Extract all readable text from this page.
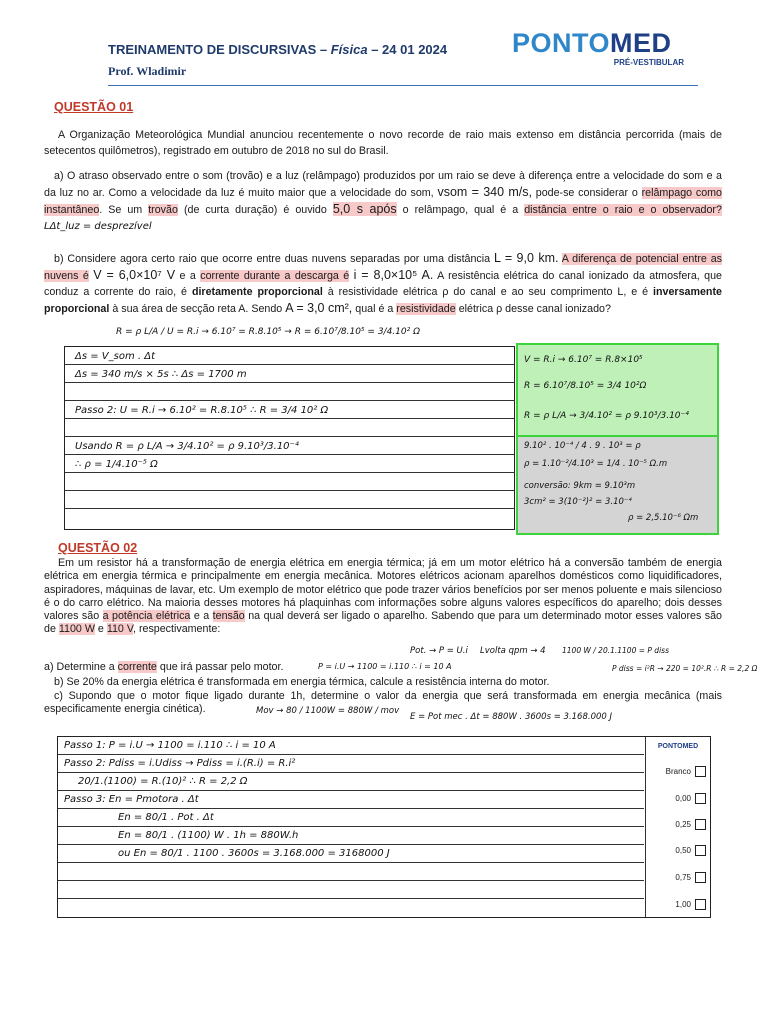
TREINAMENTO DE DISCURSIVAS – Física – 24 01 2024
Prof. Wladimir
PONTOMED
PRÉ-VESTIBULAR
QUESTÃO 01
A Organização Meteorológica Mundial anunciou recentemente o novo recorde de raio mais extenso em distância percorrida (mais de setecentos quilômetros), registrado em outubro de 2018 no sul do Brasil.
a) O atraso observado entre o som (trovão) e a luz (relâmpago) produzidos por um raio se deve à diferença entre a velocidade do som e a da luz no ar. Como a velocidade da luz é muito maior que a velocidade do som, vsom = 340 m/s, pode-se considerar o relâmpago como instantâneo. Se um trovão (de curta duração) é ouvido 5,0 s após o relâmpago, qual é a distância entre o raio e o observador? LΔt_luz = desprezível
b) Considere agora certo raio que ocorre entre duas nuvens separadas por uma distância L = 9,0 km. A diferença de potencial entre as nuvens é V = 6,0×10⁷ V e a corrente durante a descarga é i = 8,0×10⁵ A. A resistência elétrica do canal ionizado da atmosfera, que conduz a corrente do raio, é diretamente proporcional à resistividade elétrica ρ do canal e ao seu comprimento L, e é inversamente proporcional à sua área de secção reta A. Sendo A = 3,0 cm², qual é a resistividade elétrica ρ desse canal ionizado?
R = ρ L/A / U = R.i → 6.10⁷ = R.8.10⁵ → R = 6.10⁷/8.10⁵ = 3/4.10² Ω
Δs = V_som . Δt
Δs = 340 m/s × 5s ∴ Δs = 1700 m
Passo 2: U = R.i → 6.10² = R.8.10⁵ ∴ R = 3/4 10² Ω
Usando R = ρ L/A → 3/4.10² = ρ 9.10³/3.10⁻⁴
∴ ρ = 1/4.10⁻⁵ Ω
V = R.i → 6.10⁷ = R.8×10⁵
R = 6.10⁷/8.10⁵ = 3/4 10²Ω
R = ρ L/A → 3/4.10² = ρ 9.10³/3.10⁻⁴
9.10² . 10⁻⁴ / 4 . 9 . 10³ = ρ
ρ = 1.10⁻²/4.10³ = 1/4 . 10⁻⁵ Ω.m
conversão: 9km = 9.10³m
3cm² = 3(10⁻²)² = 3.10⁻⁴
ρ = 2,5.10⁻⁶ Ωm
QUESTÃO 02
Em um resistor há a transformação de energia elétrica em energia térmica; já em um motor elétrico há a conversão também de energia elétrica em energia térmica e principalmente em energia mecânica. Motores elétricos acionam aparelhos domésticos como liquidificadores, aspiradores, máquinas de lavar, etc. Um exemplo de motor elétrico que pode trazer vários benefícios por ser menos poluente e mais silencioso é o do carro elétrico. Na maioria desses motores há plaquinhas com informações sobre alguns valores específicos do aparelho; dois desses valores são a potência elétrica e a tensão na qual deverá ser ligado o aparelho. Sabendo que para um determinado motor esses valores são de 1100 W e 110 V, respectivamente:
a) Determine a corrente que irá passar pelo motor.	P = i.U → 1100 = i.110 ∴ i = 10 A
b) Se 20% da energia elétrica é transformada em energia térmica, calcule a resistência interna do motor.
c) Supondo que o motor fique ligado durante 1h, determine o valor da energia que será transformada em energia mecânica (mais especificamente energia cinética).
Pot. → P = U.i Lvolta qpm → 4 1100 W / 20.1.1100 = P diss
P diss = i²R → 220 = 10².R ∴ R = 2,2 Ω
Mov → 80 / 1100W = 880W / mov
E = Pot mec . Δt = 880W . 3600s = 3.168.000 J
Passo 1: P = i.U → 1100 = i.110 ∴ i = 10 A
Passo 2: Pdiss = i.Udiss → Pdiss = i.(R.i) = R.i²
20/1.(1100) = R.(10)² ∴ R = 2,2 Ω
Passo 3: En = Pmotora . Δt
En = 80/1 . Pot . Δt
En = 80/1 . (1100) W . 1h = 880W.h
ou En = 80/1 . 1100 . 3600s = 3.168.000 = 3168000 J
PONTOMED
Branco
0,00
0,25
0,50
0,75
1,00
